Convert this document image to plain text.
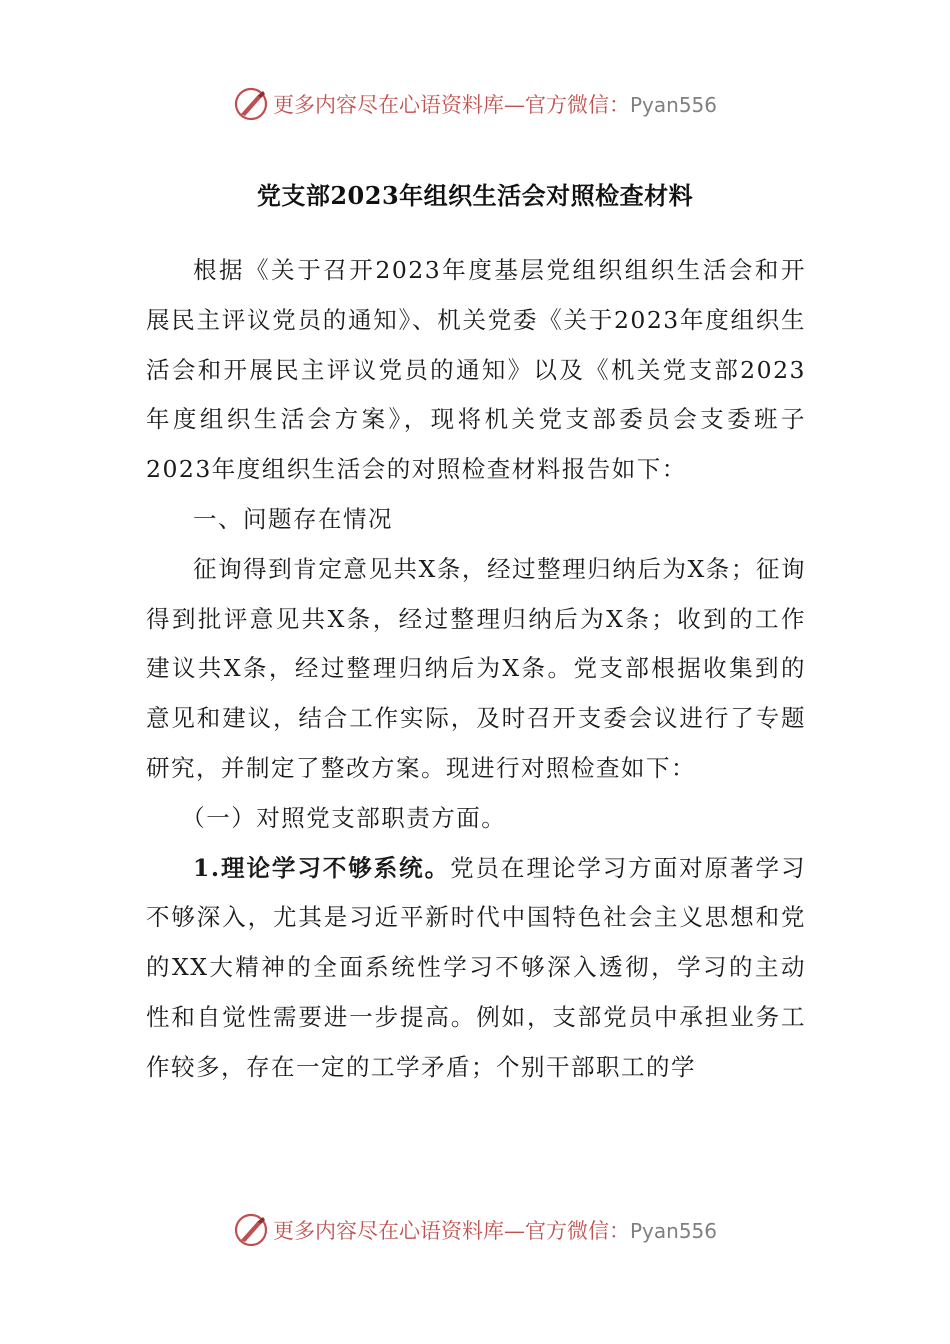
更多内容尽在心语资料库—官方微信：Pyan556
党支部2023年组织生活会对照检查材料

根据《关于召开2023年度基层党组织组织生活会和开展民主评议党员的通知》、机关党委《关于2023年度组织生活会和开展民主评议党员的通知》以及《机关党支部2023年度组织生活会方案》，现将机关党支部委员会支委班子2023年度组织生活会的对照检查材料报告如下：

一、问题存在情况

征询得到肯定意见共X条，经过整理归纳后为X条；征询得到批评意见共X条，经过整理归纳后为X条；收到的工作建议共X条，经过整理归纳后为X条。党支部根据收集到的意见和建议，结合工作实际，及时召开支委会议进行了专题研究，并制定了整改方案。现进行对照检查如下：

（一）对照党支部职责方面。

1.理论学习不够系统。党员在理论学习方面对原著学习不够深入，尤其是习近平新时代中国特色社会主义思想和党的XX大精神的全面系统性学习不够深入透彻，学习的主动性和自觉性需要进一步提高。例如，支部党员中承担业务工作较多，存在一定的工学矛盾；个别干部职工的学

更多内容尽在心语资料库—官方微信：Pyan556
